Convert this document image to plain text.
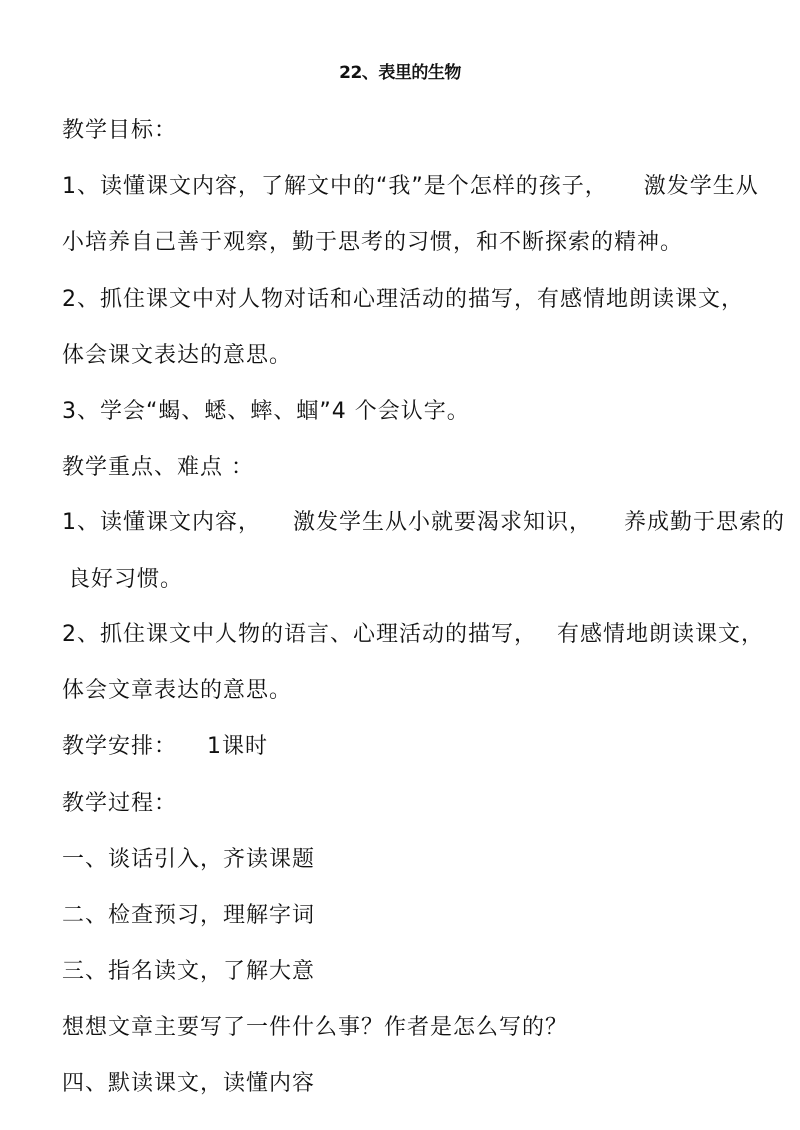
22、表里的生物
教学目标：
1、读懂课文内容，了解文中的“我”是个怎样的孩子， 激发学生从
小培养自己善于观察，勤于思考的习惯，和不断探索的精神。
2、抓住课文中对人物对话和心理活动的描写，有感情地朗读课文，
体会课文表达的意思。
3、学会“蝎、蟋、蟀、蝈”4 个会认字。
教学重点、难点 ：
1、读懂课文内容， 激发学生从小就要渴求知识， 养成勤于思索的
良好习惯。
2、抓住课文中人物的语言、心理活动的描写， 有感情地朗读课文，
体会文章表达的意思。
教学安排： 1课时
教学过程：
一、谈话引入，齐读课题
二、检查预习，理解字词
三、指名读文，了解大意
想想文章主要写了一件什么事？作者是怎么写的？
四、默读课文，读懂内容
